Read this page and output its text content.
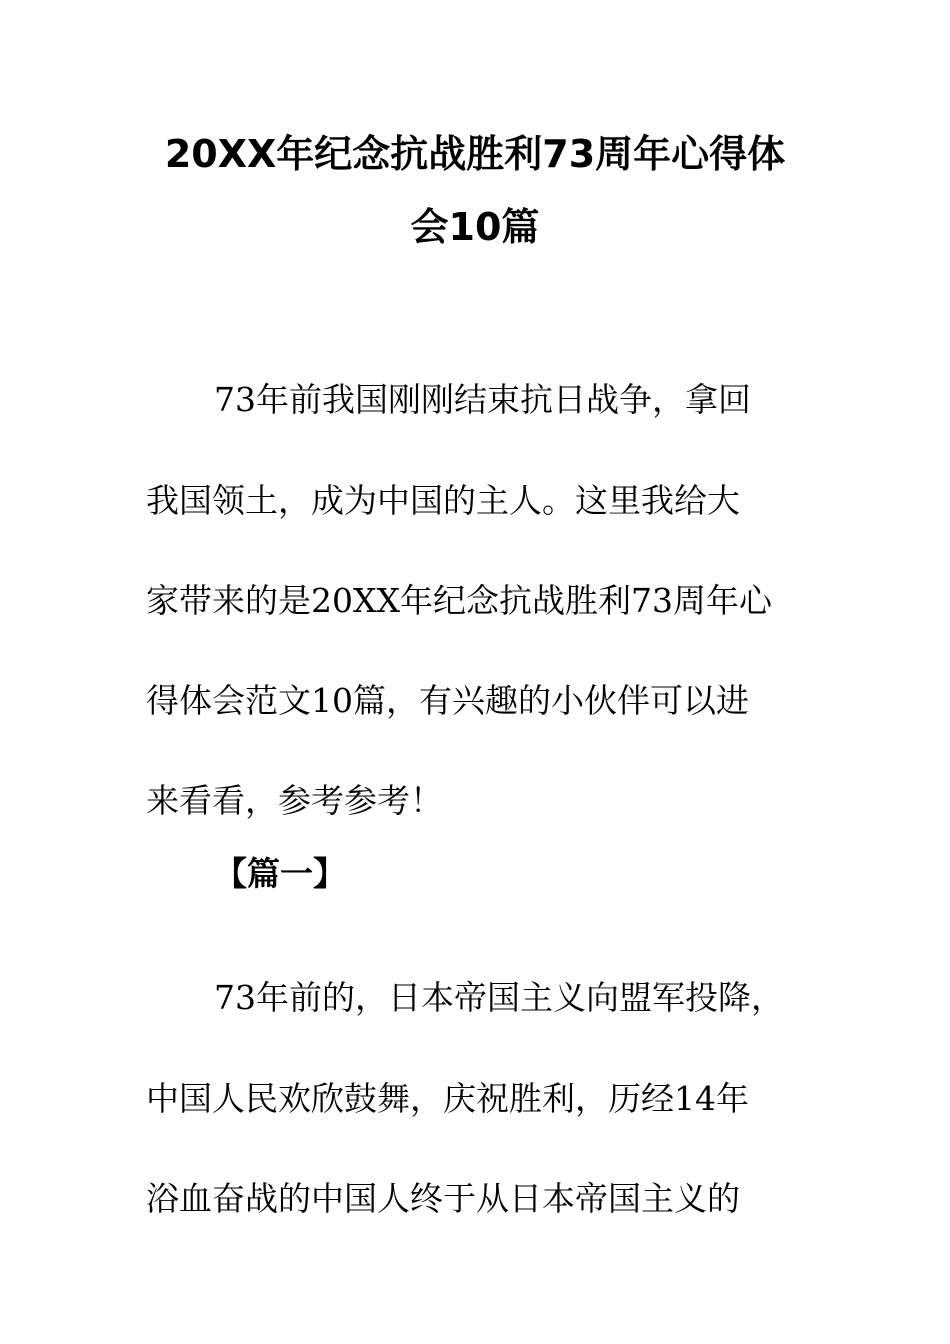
20XX年纪念抗战胜利73周年心得体
会10篇
73年前我国刚刚结束抗日战争，拿回
我国领土，成为中国的主人。这里我给大
家带来的是20XX年纪念抗战胜利73周年心
得体会范文10篇，有兴趣的小伙伴可以进
来看看，参考参考！
【篇一】
73年前的，日本帝国主义向盟军投降，
中国人民欢欣鼓舞，庆祝胜利，历经14年
浴血奋战的中国人终于从日本帝国主义的
